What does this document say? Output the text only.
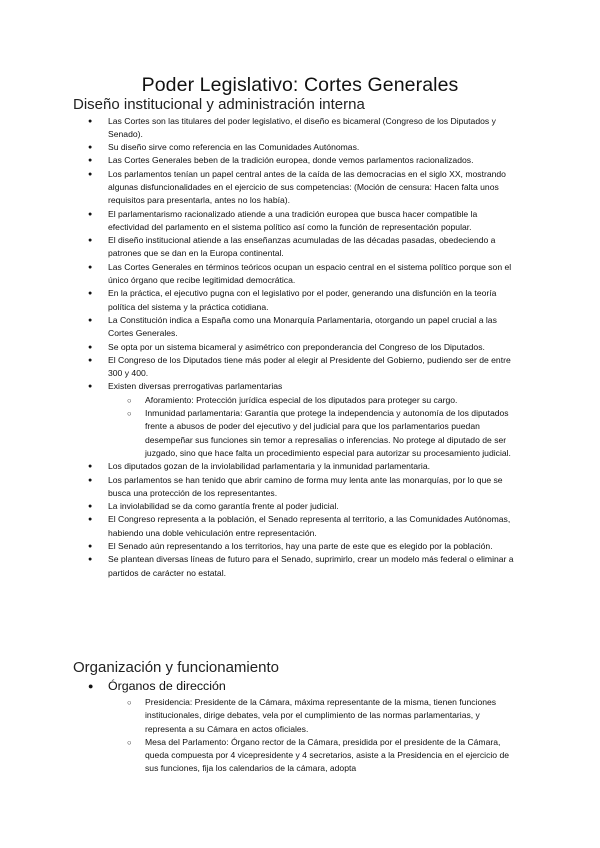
Poder Legislativo: Cortes Generales
Diseño institucional y administración interna
● Las Cortes son las titulares del poder legislativo, el diseño es bicameral (Congreso de los Diputados y Senado).
● Su diseño sirve como referencia en las Comunidades Autónomas.
● Las Cortes Generales beben de la tradición europea, donde vemos parlamentos racionalizados.
● Los parlamentos tenían un papel central antes de la caída de las democracias en el siglo XX, mostrando algunas disfuncionalidades en el ejercicio de sus competencias: (Moción de censura: Hacen falta unos requisitos para presentarla, antes no los había).
● El parlamentarismo racionalizado atiende a una tradición europea que busca hacer compatible la efectividad del parlamento en el sistema político así como la función de representación popular.
● El diseño institucional atiende a las enseñanzas acumuladas de las décadas pasadas, obedeciendo a patrones que se dan en la Europa continental.
● Las Cortes Generales en términos teóricos ocupan un espacio central en el sistema político porque son el único órgano que recibe legitimidad democrática.
● En la práctica, el ejecutivo pugna con el legislativo por el poder, generando una disfunción en la teoría política del sistema y la práctica cotidiana.
● La Constitución indica a España como una Monarquía Parlamentaria, otorgando un papel crucial a las Cortes Generales.
● Se opta por un sistema bicameral y asimétrico con preponderancia del Congreso de los Diputados.
● El Congreso de los Diputados tiene más poder al elegir al Presidente del Gobierno, pudiendo ser de entre 300 y 400.
● Existen diversas prerrogativas parlamentarias
○ Aforamiento: Protección jurídica especial de los diputados para proteger su cargo.
○ Inmunidad parlamentaria: Garantía que protege la independencia y autonomía de los diputados frente a abusos de poder del ejecutivo y del judicial para que los parlamentarios puedan desempeñar sus funciones sin temor a represalias o inferencias. No protege al diputado de ser juzgado, sino que hace falta un procedimiento especial para autorizar su procesamiento judicial.
● Los diputados gozan de la inviolabilidad parlamentaria y la inmunidad parlamentaria.
● Los parlamentos se han tenido que abrir camino de forma muy lenta ante las monarquías, por lo que se busca una protección de los representantes.
● La inviolabilidad se da como garantía frente al poder judicial.
● El Congreso representa a la población, el Senado representa al territorio, a las Comunidades Autónomas, habiendo una doble vehiculación entre representación.
● El Senado aún representando a los territorios, hay una parte de este que es elegido por la población.
● Se plantean diversas líneas de futuro para el Senado, suprimirlo, crear un modelo más federal o eliminar a partidos de carácter no estatal.
Organización y funcionamiento
● Órganos de dirección
○ Presidencia: Presidente de la Cámara, máxima representante de la misma, tienen funciones institucionales, dirige debates, vela por el cumplimiento de las normas parlamentarias, y representa a su Cámara en actos oficiales.
○ Mesa del Parlamento: Órgano rector de la Cámara, presidida por el presidente de la Cámara, queda compuesta por 4 vicepresidente y 4 secretarios, asiste a la Presidencia en el ejercicio de sus funciones, fija los calendarios de la cámara, adopta
